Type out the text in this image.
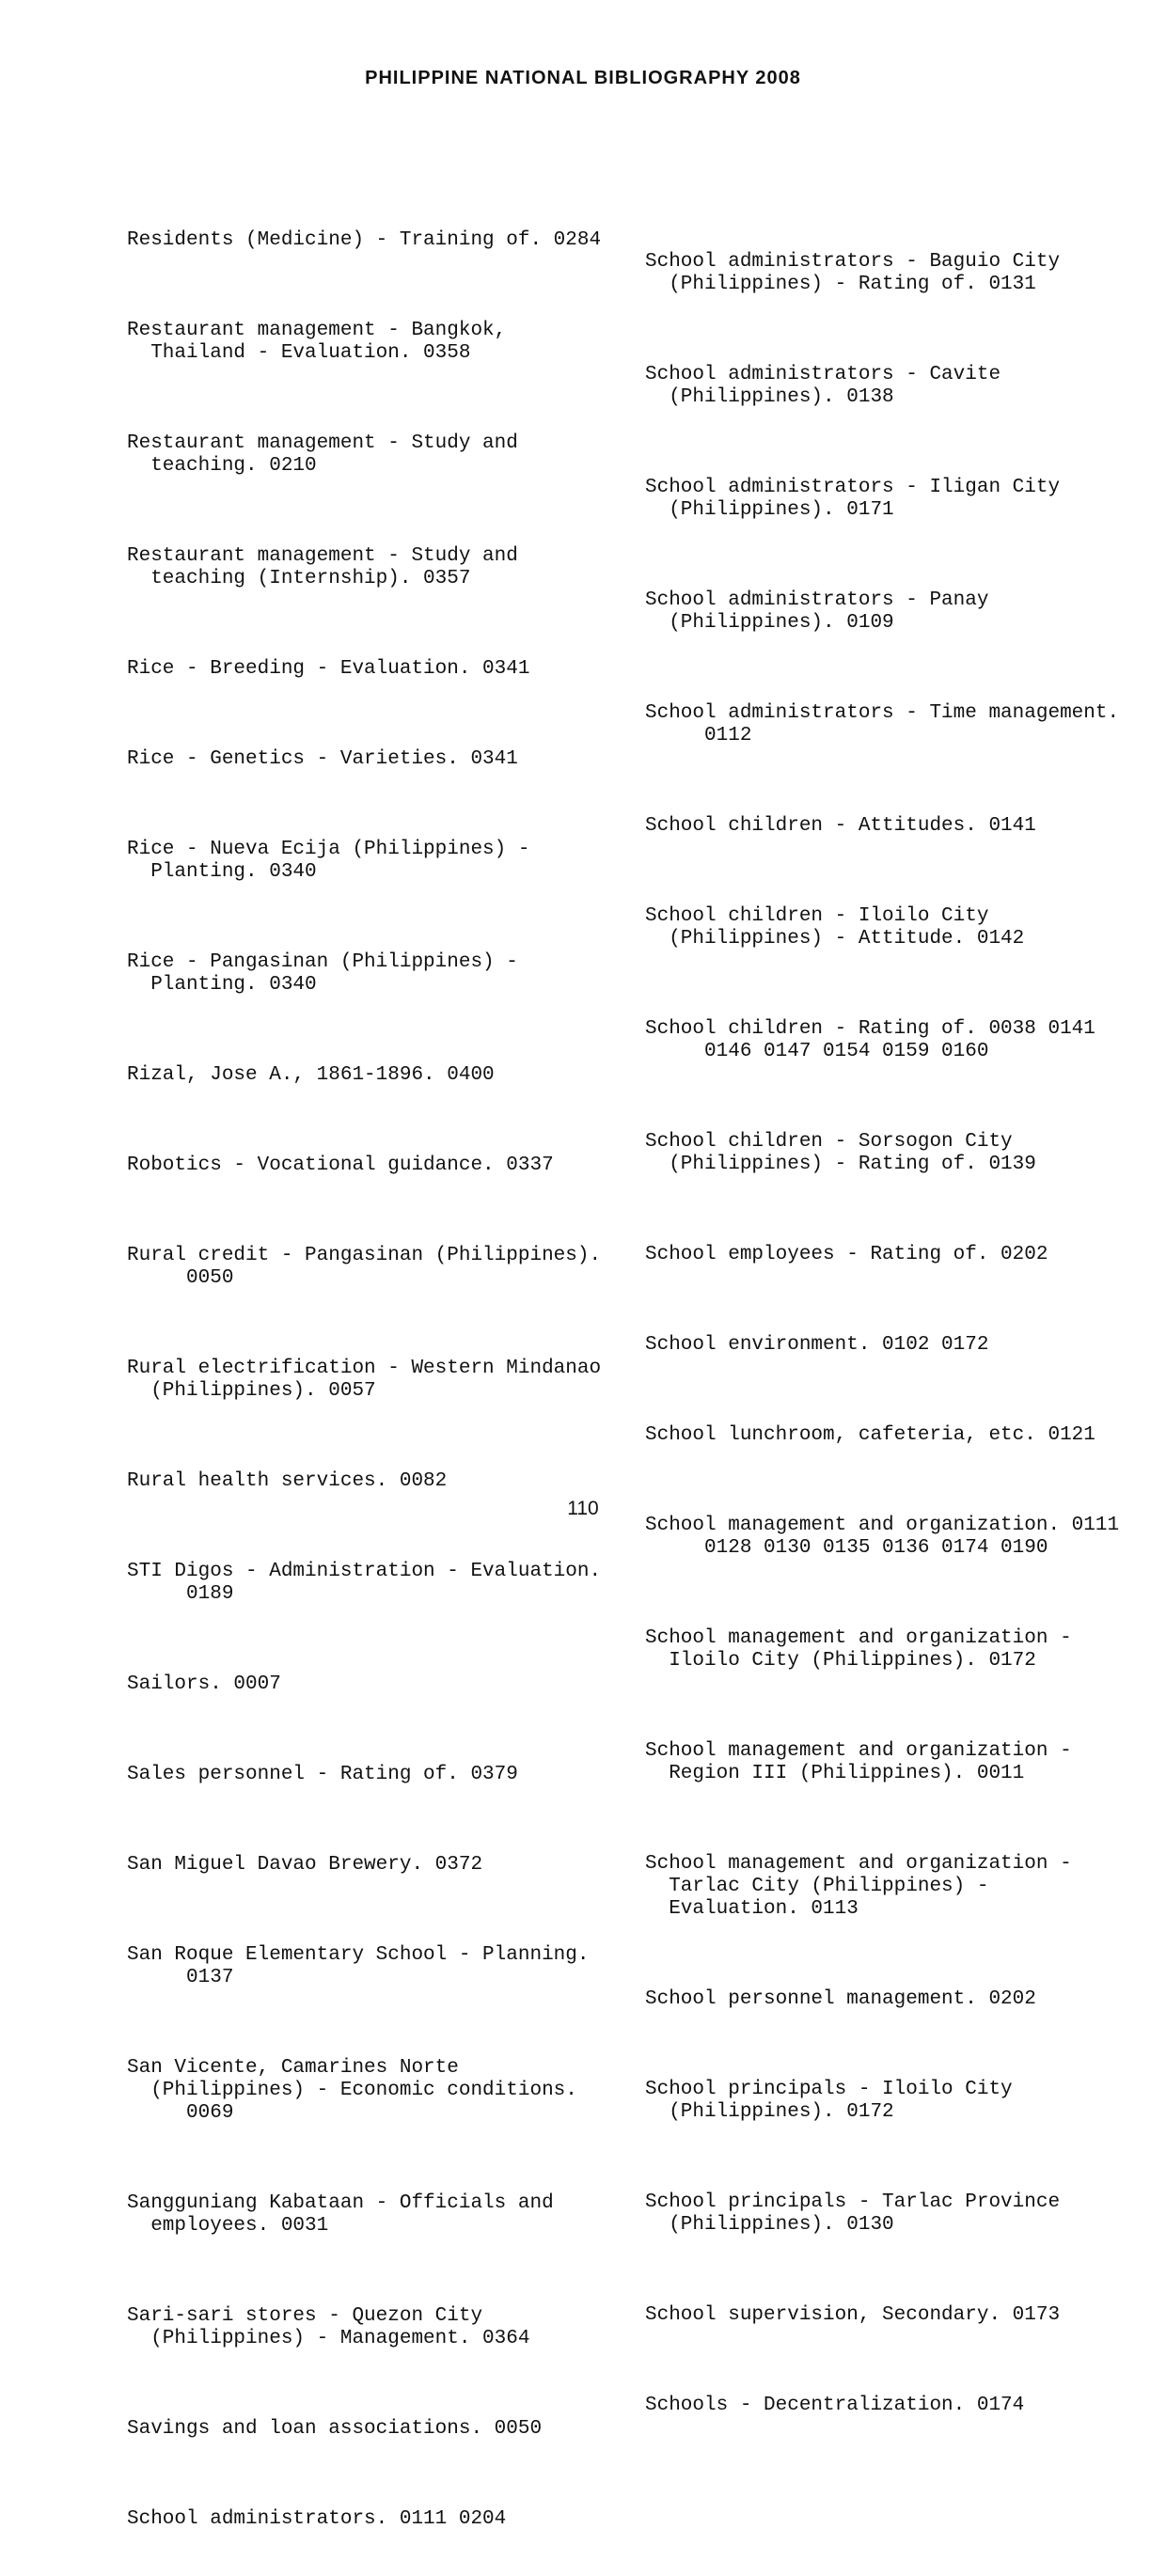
PHILIPPINE NATIONAL BIBLIOGRAPHY 2008

Residents (Medicine) - Training of. 0284

Restaurant management - Bangkok,
Thailand - Evaluation. 0358

Restaurant management - Study and
teaching. 0210

Restaurant management - Study and
teaching (Internship). 0357

Rice - Breeding - Evaluation. 0341

Rice - Genetics - Varieties. 0341

Rice - Nueva Ecija (Philippines) -
Planting. 0340

Rice - Pangasinan (Philippines) -
Planting. 0340

Rizal, Jose A., 1861-1896. 0400

Robotics - Vocational guidance. 0337

Rural credit - Pangasinan (Philippines).
0050

Rural electrification - Western Mindanao
(Philippines). 0057

Rural health services. 0082

STI Digos - Administration - Evaluation.
0189

Sailors. 0007

Sales personnel - Rating of. 0379

San Miguel Davao Brewery. 0372

San Roque Elementary School - Planning.
0137

San Vicente, Camarines Norte
(Philippines) - Economic conditions.
0069

Sangguniang Kabataan - Officials and
employees. 0031

Sari-sari stores - Quezon City
(Philippines) - Management. 0364

Savings and loan associations. 0050

School administrators. 0111 0204

School administrators - Baguio City
(Philippines) - Rating of. 0131

School administrators - Cavite
(Philippines). 0138

School administrators - Iligan City
(Philippines). 0171

School administrators - Panay
(Philippines). 0109

School administrators - Time management.
0112

School children - Attitudes. 0141

School children - Iloilo City
(Philippines) - Attitude. 0142

School children - Rating of. 0038 0141
0146 0147 0154 0159 0160

School children - Sorsogon City
(Philippines) - Rating of. 0139

School employees - Rating of. 0202

School environment. 0102 0172

School lunchroom, cafeteria, etc. 0121

School management and organization. 0111
0128 0130 0135 0136 0174 0190

School management and organization -
Iloilo City (Philippines). 0172

School management and organization -
Region III (Philippines). 0011

School management and organization -
Tarlac City (Philippines) -
Evaluation. 0113

School personnel management. 0202

School principals - Iloilo City
(Philippines). 0172

School principals - Tarlac Province
(Philippines). 0130

School supervision, Secondary. 0173

Schools - Decentralization. 0174

110
